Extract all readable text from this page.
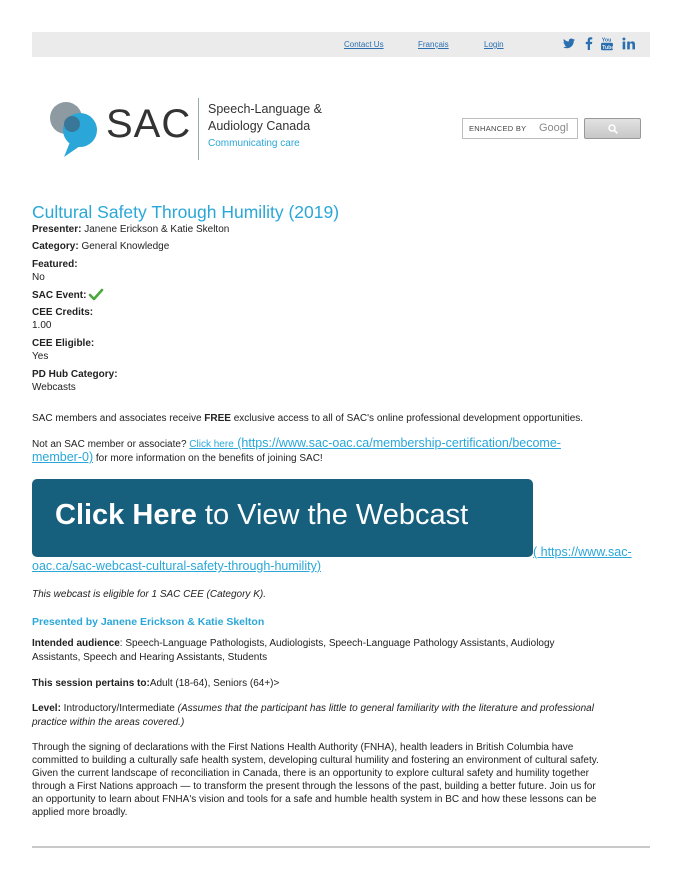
Contact Us	Français	Login	You
Tube
SAC Speech-Language &
Audiology Canada
Communicating care
ENHANCED BY Googl
Cultural Safety Through Humility (2019)
Presenter: Janene Erickson & Katie Skelton
Category: General Knowledge
Featured:
No
SAC Event:
CEE Credits:
1.00
CEE Eligible:
Yes
PD Hub Category:
Webcasts
SAC members and associates receive FREE exclusive access to all of SAC's online professional development opportunities.
Not an SAC member or associate? Click here (https://www.sac-oac.ca/membership-certification/become-
member-0) for more information on the benefits of joining SAC!
Click Here to View the Webcast
( https://www.sac-
oac.ca/sac-webcast-cultural-safety-through-humility)
This webcast is eligible for 1 SAC CEE (Category K).
Presented by Janene Erickson & Katie Skelton
Intended audience: Speech-Language Pathologists, Audiologists, Speech-Language Pathology Assistants, Audiology
Assistants, Speech and Hearing Assistants, Students
This session pertains to:Adult (18-64), Seniors (64+)>
Level: Introductory/Intermediate (Assumes that the participant has little to general familiarity with the literature and professional
practice within the areas covered.)
Through the signing of declarations with the First Nations Health Authority (FNHA), health leaders in British Columbia have
committed to building a culturally safe health system, developing cultural humility and fostering an environment of cultural safety.
Given the current landscape of reconciliation in Canada, there is an opportunity to explore cultural safety and humility together
through a First Nations approach — to transform the present through the lessons of the past, building a better future. Join us for
an opportunity to learn about FNHA's vision and tools for a safe and humble health system in BC and how these lessons can be
applied more broadly.
